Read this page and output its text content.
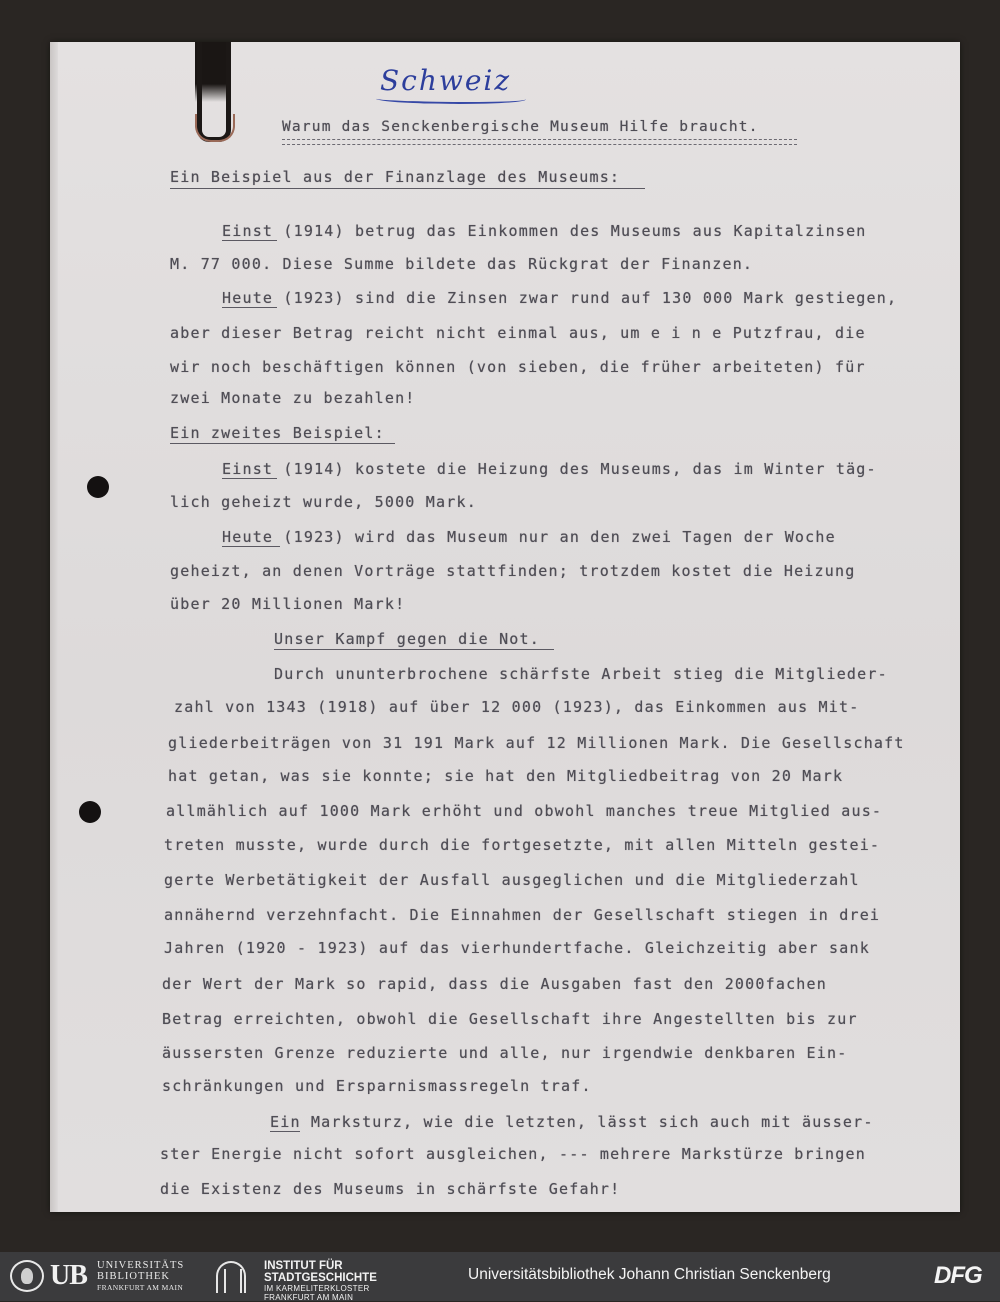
Schweiz
Warum das Senckenbergische Museum Hilfe braucht.
Ein Beispiel aus der Finanzlage des Museums:
Einst (1914) betrug das Einkommen des Museums aus Kapitalzinsen
M. 77 000. Diese Summe bildete das Rückgrat der Finanzen.
Heute (1923) sind die Zinsen zwar rund auf 130 000 Mark gestiegen,
aber dieser Betrag reicht nicht einmal aus, um e i n e Putzfrau, die
wir noch beschäftigen können (von sieben, die früher arbeiteten) für
zwei Monate zu bezahlen!
Ein zweites Beispiel:
Einst (1914) kostete die Heizung des Museums, das im Winter täg-
lich geheizt wurde, 5000 Mark.
Heute (1923) wird das Museum nur an den zwei Tagen der Woche
geheizt, an denen Vorträge stattfinden; trotzdem kostet die Heizung
über 20 Millionen Mark!
Unser Kampf gegen die Not.
Durch ununterbrochene schärfste Arbeit stieg die Mitglieder-
zahl von 1343 (1918) auf über 12 000 (1923), das Einkommen aus Mit-
gliederbeiträgen von 31 191 Mark auf 12 Millionen Mark. Die Gesellschaft
hat getan, was sie konnte; sie hat den Mitgliedbeitrag von 20 Mark
allmählich auf 1000 Mark erhöht und obwohl manches treue Mitglied aus-
treten musste, wurde durch die fortgesetzte, mit allen Mitteln gestei-
gerte Werbetätigkeit der Ausfall ausgeglichen und die Mitgliederzahl
annähernd verzehnfacht. Die Einnahmen der Gesellschaft stiegen in drei
Jahren (1920 - 1923) auf das vierhundertfache. Gleichzeitig aber sank
der Wert der Mark so rapid, dass die Ausgaben fast den 2000fachen
Betrag erreichten, obwohl die Gesellschaft ihre Angestellten bis zur
äussersten Grenze reduzierte und alle, nur irgendwie denkbaren Ein-
schränkungen und Ersparnismassregeln traf.
Ein Marksturz, wie die letzten, lässt sich auch mit äusser-
ster Energie nicht sofort ausgleichen, --- mehrere Markstürze bringen
die Existenz des Museums in schärfste Gefahr!
UB UNIVERSITÄTS
BIBLIOTHEK
FRANKFURT AM MAIN
INSTITUT FÜR
STADTGESCHICHTE
IM KARMELITERKLOSTER
FRANKFURT AM MAIN
Universitätsbibliothek Johann Christian Senckenberg	DFG
